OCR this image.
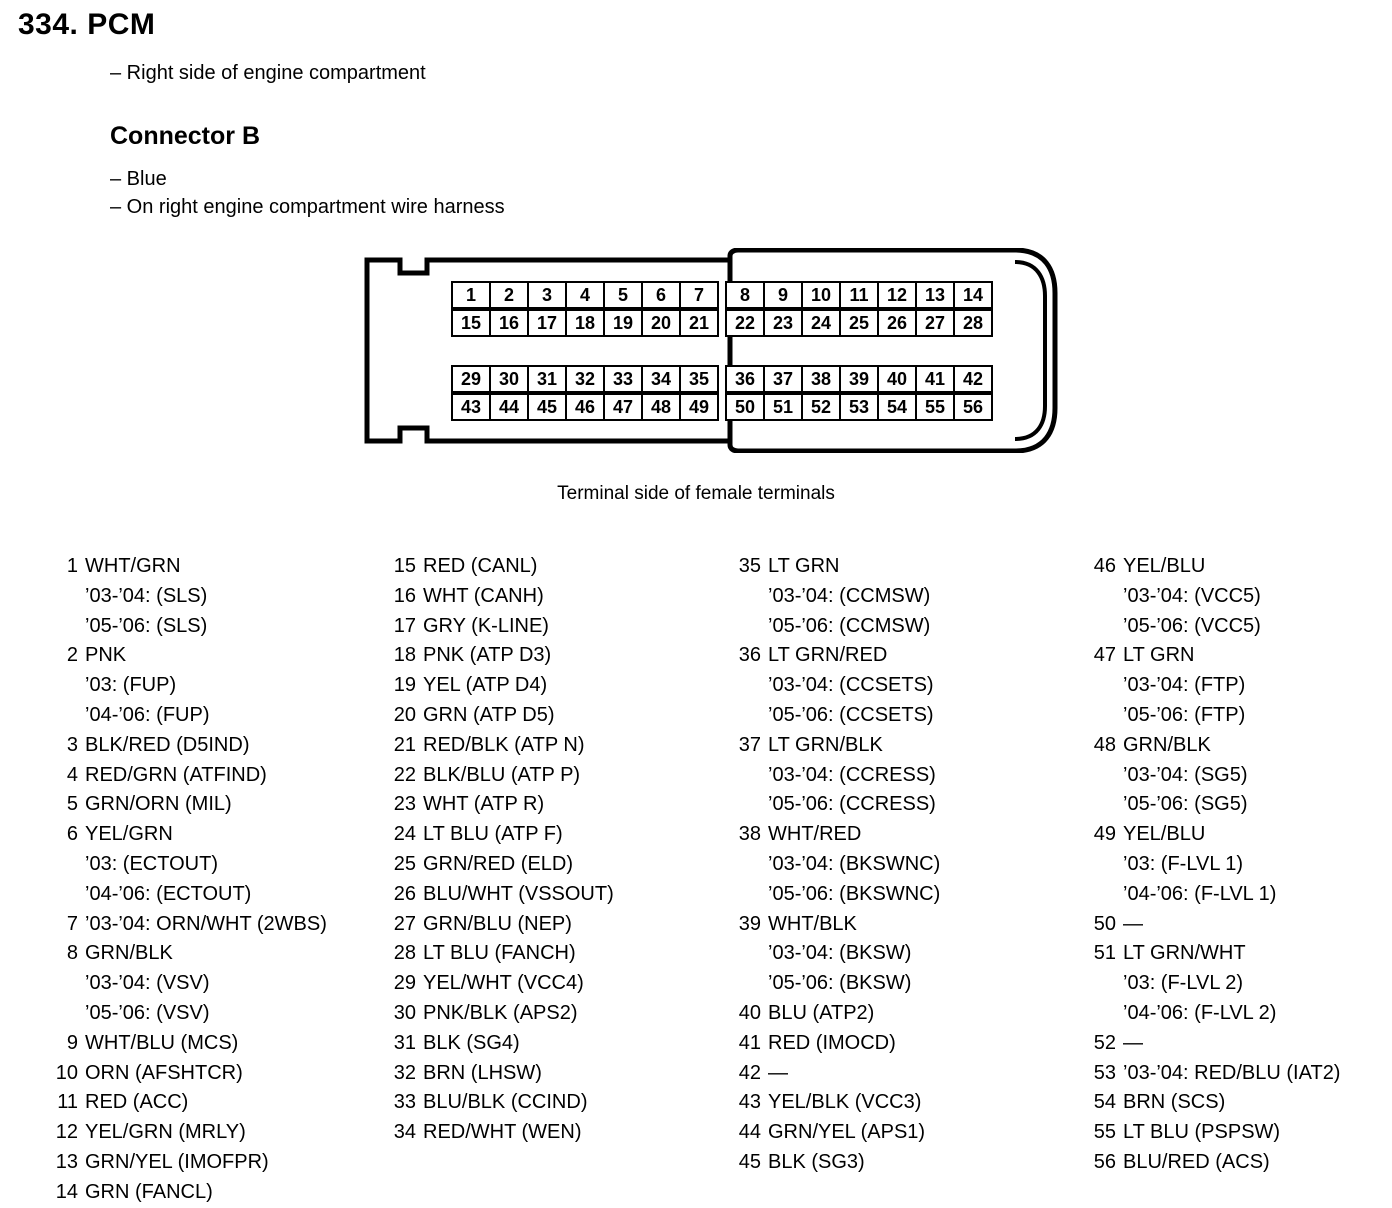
334. PCM
– Right side of engine compartment
Connector B
– Blue
– On right engine compartment wire harness
1	2	3	4	5	6	7	8	9	10	11	12 13 14
15 16 17 18 19 20 21	22 23 24 25 26 27 28
29 30 31 32 33 34 35	36 37 38 39 40 41 42
43 44 45 46 47 48 49	50 51 52 53 54 55 56
Terminal side of female terminals
1 WHT/GRN
’03-’04: (SLS)
’05-’06: (SLS)
2 PNK
’03: (FUP)
’04-’06: (FUP)
3 BLK/RED (D5IND)
4 RED/GRN (ATFIND)
5 GRN/ORN (MIL)
6 YEL/GRN
’03: (ECTOUT)
’04-’06: (ECTOUT)
7 ’03-’04: ORN/WHT (2WBS)
8 GRN/BLK
’03-’04: (VSV)
’05-’06: (VSV)
9 WHT/BLU (MCS)
10 ORN (AFSHTCR)
11 RED (ACC)
12 YEL/GRN (MRLY)
13 GRN/YEL (IMOFPR)
14 GRN (FANCL)
15 RED (CANL)
16 WHT (CANH)
17 GRY (K-LINE)
18 PNK (ATP D3)
19 YEL (ATP D4)
20 GRN (ATP D5)
21 RED/BLK (ATP N)
22 BLK/BLU (ATP P)
23 WHT (ATP R)
24 LT BLU (ATP F)
25 GRN/RED (ELD)
26 BLU/WHT (VSSOUT)
27 GRN/BLU (NEP)
28 LT BLU (FANCH)
29 YEL/WHT (VCC4)
30 PNK/BLK (APS2)
31 BLK (SG4)
32 BRN (LHSW)
33 BLU/BLK (CCIND)
34 RED/WHT (WEN)
35 LT GRN
’03-’04: (CCMSW)
’05-’06: (CCMSW)
36 LT GRN/RED
’03-’04: (CCSETS)
’05-’06: (CCSETS)
37 LT GRN/BLK
’03-’04: (CCRESS)
’05-’06: (CCRESS)
38 WHT/RED
’03-’04: (BKSWNC)
’05-’06: (BKSWNC)
39 WHT/BLK
’03-’04: (BKSW)
’05-’06: (BKSW)
40 BLU (ATP2)
41 RED (IMOCD)
42 —
43 YEL/BLK (VCC3)
44 GRN/YEL (APS1)
45 BLK (SG3)
46 YEL/BLU
’03-’04: (VCC5)
’05-’06: (VCC5)
47 LT GRN
’03-’04: (FTP)
’05-’06: (FTP)
48 GRN/BLK
’03-’04: (SG5)
’05-’06: (SG5)
49 YEL/BLU
’03: (F-LVL 1)
’04-’06: (F-LVL 1)
50 —
51 LT GRN/WHT
’03: (F-LVL 2)
’04-’06: (F-LVL 2)
52 —
53 ’03-’04: RED/BLU (IAT2)
54 BRN (SCS)
55 LT BLU (PSPSW)
56 BLU/RED (ACS)
